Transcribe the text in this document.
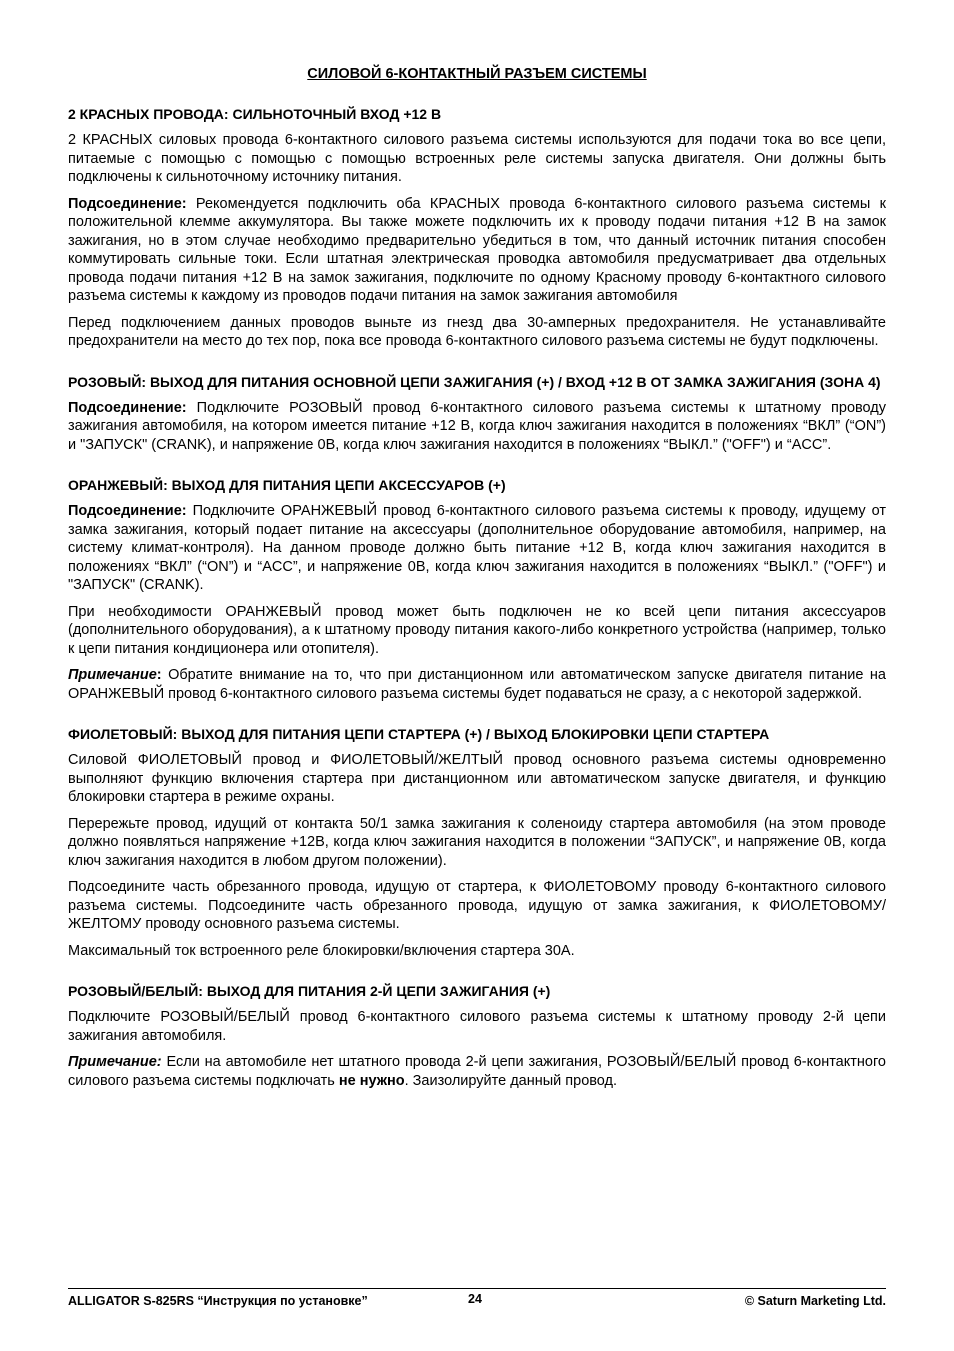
СИЛОВОЙ 6-КОНТАКТНЫЙ РАЗЪЕМ СИСТЕМЫ
2 КРАСНЫХ ПРОВОДА: СИЛЬНОТОЧНЫЙ ВХОД +12 В

2 КРАСНЫХ силовых провода 6-контактного силового разъема системы используются для подачи тока во все цепи, питаемые с помощью с помощью с помощью встроенных реле системы запуска двигателя. Они должны быть подключены к сильноточному источнику питания.

Подсоединение: Рекомендуется подключить оба КРАСНЫХ провода 6-контактного силового разъема системы к положительной клемме аккумулятора. Вы также можете подключить их к проводу подачи питания +12 В на замок зажигания, но в этом случае необходимо предварительно убедиться в том, что данный источник питания способен коммутировать сильные токи. Если штатная электрическая проводка автомобиля предусматривает два отдельных провода подачи питания +12 В на замок зажигания, подключите по одному Красному проводу 6-контактного силового разъема системы к каждому из проводов подачи питания на замок зажигания автомобиля

Перед подключением данных проводов выньте из гнезд два 30-амперных предохранителя. Не устанавливайте предохранители на место до тех пор, пока все провода 6-контактного силового разъема системы не будут подключены.

РОЗОВЫЙ: ВЫХОД ДЛЯ ПИТАНИЯ ОСНОВНОЙ ЦЕПИ ЗАЖИГАНИЯ (+) / ВХОД +12 В ОТ ЗАМКА ЗАЖИГАНИЯ (ЗОНА 4)

Подсоединение: Подключите РОЗОВЫЙ провод 6-контактного силового разъема системы к штатному проводу зажигания автомобиля, на котором имеется питание +12 В, когда ключ зажигания находится в положениях “ВКЛ” (“ON”) и "ЗАПУСК" (CRANK), и напряжение 0В, когда ключ зажигания находится в положениях “ВЫКЛ.” ("OFF") и “ACC”.

ОРАНЖЕВЫЙ: ВЫХОД ДЛЯ ПИТАНИЯ ЦЕПИ АКСЕССУАРОВ (+)

Подсоединение: Подключите ОРАНЖЕВЫЙ провод 6-контактного силового разъема системы к проводу, идущему от замка зажигания, который подает питание на аксессуары (дополнительное оборудование автомобиля, например, на систему климат-контроля). На данном проводе должно быть питание +12 В, когда ключ зажигания находится в положениях “ВКЛ” (“ON”) и “ACC”, и напряжение 0В, когда ключ зажигания находится в положениях “ВЫКЛ.” ("OFF") и "ЗАПУСК" (CRANK).

При необходимости ОРАНЖЕВЫЙ провод может быть подключен не ко всей цепи питания аксессуаров (дополнительного оборудования), а к штатному проводу питания какого-либо конкретного устройства (например, только к цепи питания кондиционера или отопителя).

Примечание: Обратите внимание на то, что при дистанционном или автоматическом запуске двигателя питание на ОРАНЖЕВЫЙ провод 6-контактного силового разъема системы будет подаваться не сразу, а с некоторой задержкой.

ФИОЛЕТОВЫЙ: ВЫХОД ДЛЯ ПИТАНИЯ ЦЕПИ СТАРТЕРА (+) / ВЫХОД БЛОКИРОВКИ ЦЕПИ СТАРТЕРА

Силовой ФИОЛЕТОВЫЙ провод и ФИОЛЕТОВЫЙ/ЖЕЛТЫЙ провод основного разъема системы одновременно выполняют функцию включения стартера при дистанционном или автоматическом запуске двигателя, и функцию блокировки стартера в режиме охраны.

Перережьте провод, идущий от контакта 50/1 замка зажигания к соленоиду стартера автомобиля (на этом проводе должно появляться напряжение +12В, когда ключ зажигания находится в положении “ЗАПУСК”, и напряжение 0В, когда ключ зажигания находится в любом другом положении).

Подсоедините часть обрезанного провода, идущую от стартера, к ФИОЛЕТОВОМУ проводу 6-контактного силового разъема системы. Подсоедините часть обрезанного провода, идущую от замка зажигания, к ФИОЛЕТОВОМУ/ЖЕЛТОМУ проводу основного разъема системы.

Максимальный ток встроенного реле блокировки/включения стартера 30А.

РОЗОВЫЙ/БЕЛЫЙ: ВЫХОД ДЛЯ ПИТАНИЯ 2-Й ЦЕПИ ЗАЖИГАНИЯ (+)

Подключите РОЗОВЫЙ/БЕЛЫЙ провод 6-контактного силового разъема системы к штатному проводу 2-й цепи зажигания автомобиля.

Примечание: Если на автомобиле нет штатного провода 2-й цепи зажигания, РОЗОВЫЙ/БЕЛЫЙ провод 6-контактного силового разъема системы подключать не нужно. Заизолируйте данный провод.

ALLIGATOR S-825RS “Инструкция по установке”	24	© Saturn Marketing Ltd.
